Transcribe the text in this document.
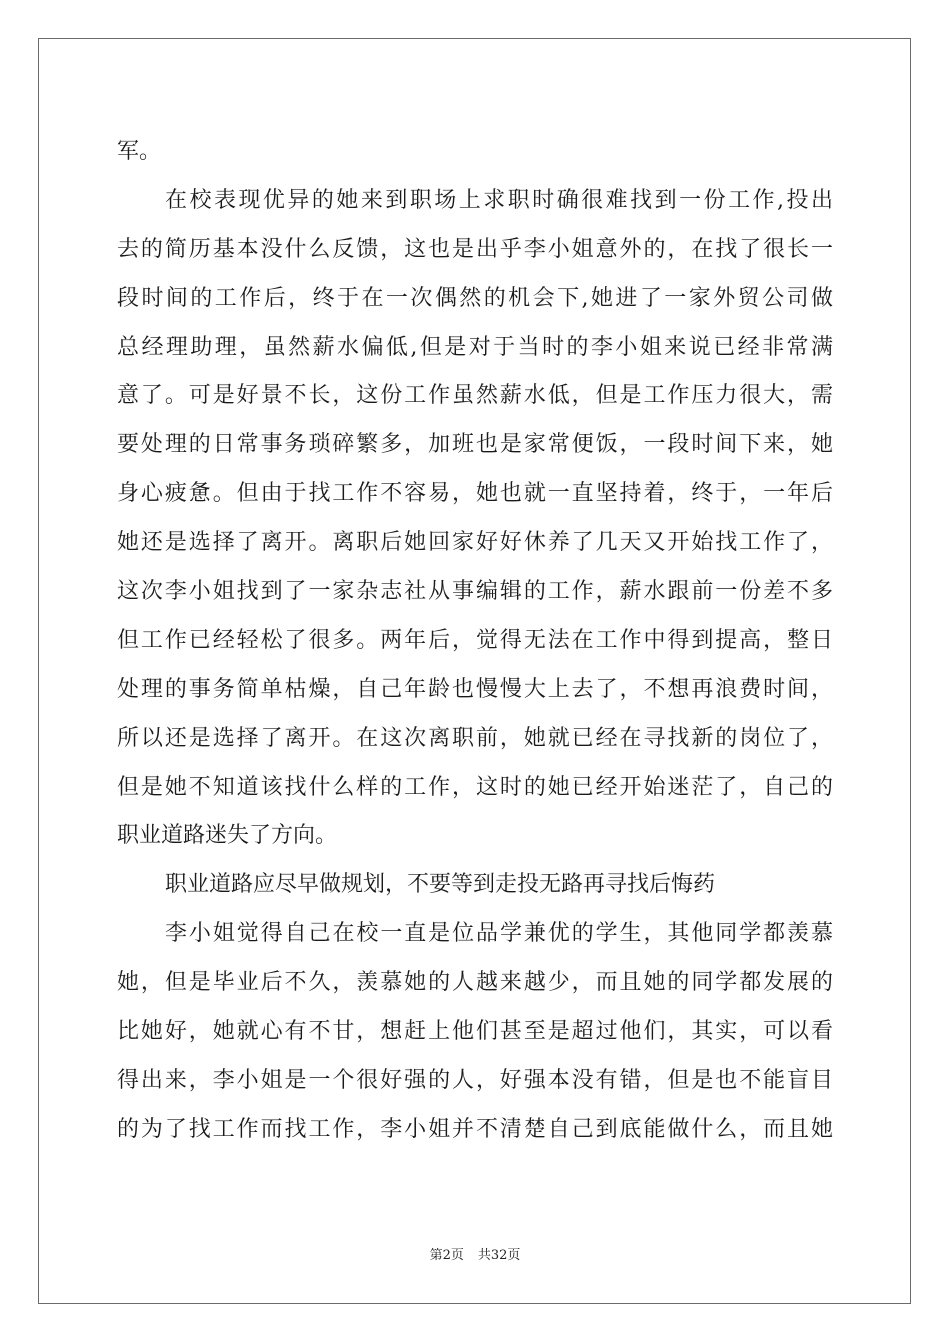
军。
在校表现优异的她来到职场上求职时确很难找到一份工作,投出
去的简历基本没什么反馈，这也是出乎李小姐意外的，在找了很长一
段时间的工作后，终于在一次偶然的机会下,她进了一家外贸公司做
总经理助理，虽然薪水偏低,但是对于当时的李小姐来说已经非常满
意了。可是好景不长，这份工作虽然薪水低，但是工作压力很大，需
要处理的日常事务琐碎繁多，加班也是家常便饭，一段时间下来，她
身心疲惫。但由于找工作不容易，她也就一直坚持着，终于，一年后
她还是选择了离开。离职后她回家好好休养了几天又开始找工作了，
这次李小姐找到了一家杂志社从事编辑的工作，薪水跟前一份差不多
但工作已经轻松了很多。两年后，觉得无法在工作中得到提高，整日
处理的事务简单枯燥，自己年龄也慢慢大上去了，不想再浪费时间，
所以还是选择了离开。在这次离职前，她就已经在寻找新的岗位了，
但是她不知道该找什么样的工作，这时的她已经开始迷茫了，自己的
职业道路迷失了方向。
职业道路应尽早做规划，不要等到走投无路再寻找后悔药
李小姐觉得自己在校一直是位品学兼优的学生，其他同学都羡慕
她，但是毕业后不久，羡慕她的人越来越少，而且她的同学都发展的
比她好，她就心有不甘，想赶上他们甚至是超过他们，其实，可以看
得出来，李小姐是一个很好强的人，好强本没有错，但是也不能盲目
的为了找工作而找工作，李小姐并不清楚自己到底能做什么，而且她
第2页 共32页
